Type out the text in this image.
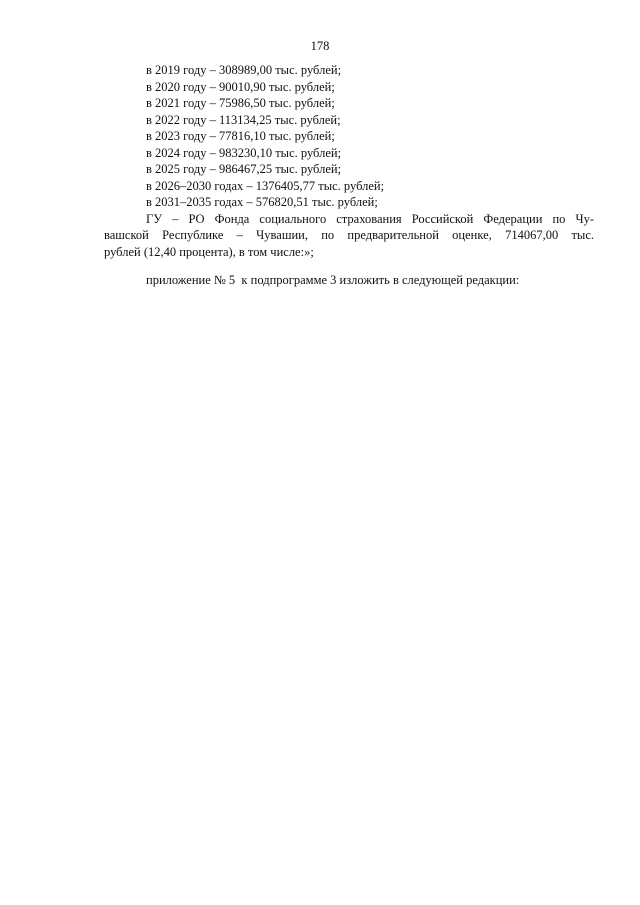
178
в 2019 году – 308989,00 тыс. рублей;
в 2020 году – 90010,90 тыс. рублей;
в 2021 году – 75986,50 тыс. рублей;
в 2022 году – 113134,25 тыс. рублей;
в 2023 году – 77816,10 тыс. рублей;
в 2024 году – 983230,10 тыс. рублей;
в 2025 году – 986467,25 тыс. рублей;
в 2026–2030 годах – 1376405,77 тыс. рублей;
в 2031–2035 годах – 576820,51 тыс. рублей;
ГУ – РО Фонда социального страхования Российской Федерации по Чу-
вашской Республике – Чувашии, по предварительной оценке, 714067,00 тыс.
рублей (12,40 процента), в том числе:»;
приложение № 5  к подпрограмме 3 изложить в следующей редакции:
